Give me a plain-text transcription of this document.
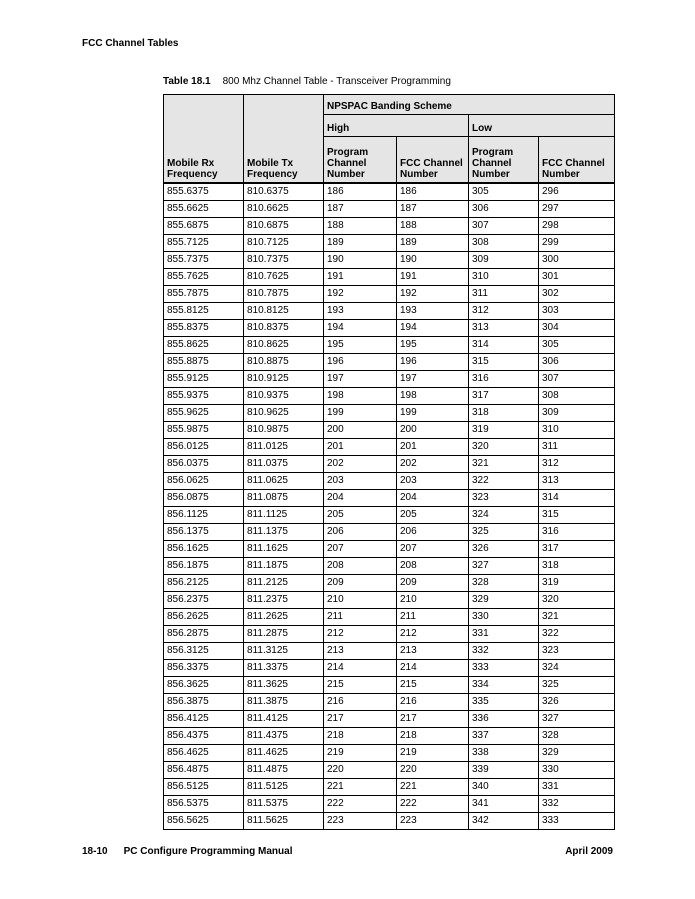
FCC Channel Tables
Table 18.1 800 Mhz Channel Table - Transceiver Programming
Mobile Rx Frequency	Mobile Tx Frequency	NPSPAC Banding Scheme			
		High		Low	
		Program Channel Number	FCC Channel Number	Program Channel Number	FCC Channel Number
855.6375	810.6375	186	186	305	296
855.6625	810.6625	187	187	306	297
855.6875	810.6875	188	188	307	298
855.7125	810.7125	189	189	308	299
855.7375	810.7375	190	190	309	300
855.7625	810.7625	191	191	310	301
855.7875	810.7875	192	192	311	302
855.8125	810.8125	193	193	312	303
855.8375	810.8375	194	194	313	304
855.8625	810.8625	195	195	314	305
855.8875	810.8875	196	196	315	306
855.9125	810.9125	197	197	316	307
855.9375	810.9375	198	198	317	308
855.9625	810.9625	199	199	318	309
855.9875	810.9875	200	200	319	310
856.0125	811.0125	201	201	320	311
856.0375	811.0375	202	202	321	312
856.0625	811.0625	203	203	322	313
856.0875	811.0875	204	204	323	314
856.1125	811.1125	205	205	324	315
856.1375	811.1375	206	206	325	316
856.1625	811.1625	207	207	326	317
856.1875	811.1875	208	208	327	318
856.2125	811.2125	209	209	328	319
856.2375	811.2375	210	210	329	320
856.2625	811.2625	211	211	330	321
856.2875	811.2875	212	212	331	322
856.3125	811.3125	213	213	332	323
856.3375	811.3375	214	214	333	324
856.3625	811.3625	215	215	334	325
856.3875	811.3875	216	216	335	326
856.4125	811.4125	217	217	336	327
856.4375	811.4375	218	218	337	328
856.4625	811.4625	219	219	338	329
856.4875	811.4875	220	220	339	330
856.5125	811.5125	221	221	340	331
856.5375	811.5375	222	222	341	332
856.5625	811.5625	223	223	342	333
18-10 PC Configure Programming Manual	April 2009
